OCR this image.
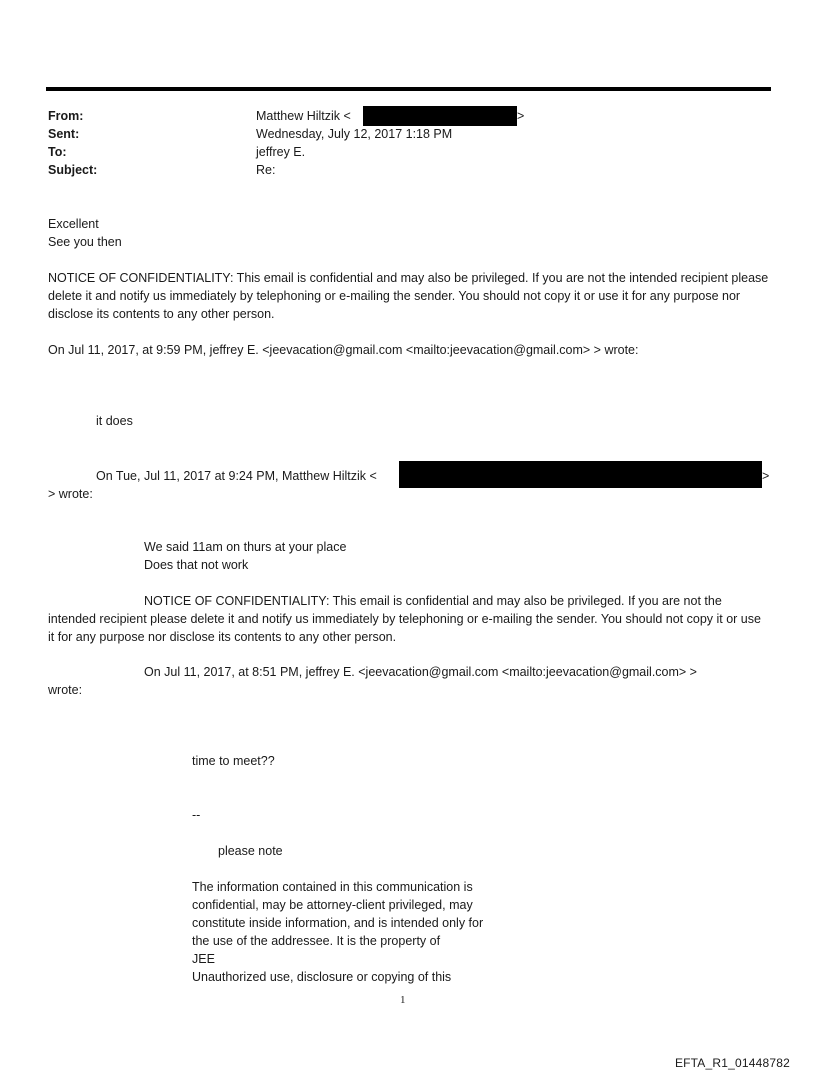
From:	Matthew Hiltzik <	>
Sent:	Wednesday, July 12, 2017 1:18 PM
To:	jeffrey E.
Subject:	Re:
Excellent
See you then
NOTICE OF CONFIDENTIALITY: This email is confidential and may also be privileged. If you are not the intended recipient please delete it and notify us immediately by telephoning or e-mailing the sender. You should not copy it or use it for any purpose nor disclose its contents to any other person.
On Jul 11, 2017, at 9:59 PM, jeffrey E. <jeevacation@gmail.com <mailto:jeevacation@gmail.com> > wrote:
it does
On Tue, Jul 11, 2017 at 9:24 PM, Matthew Hiltzik <	>
> wrote:
We said 11am on thurs at your place
Does that not work
NOTICE OF CONFIDENTIALITY: This email is confidential and may also be privileged. If you are not the
intended recipient please delete it and notify us immediately by telephoning or e-mailing the sender. You should not copy it or use it for any purpose nor disclose its contents to any other person.
On Jul 11, 2017, at 8:51 PM, jeffrey E. <jeevacation@gmail.com <mailto:jeevacation@gmail.com> >
wrote:
time to meet??
--
please note
The information contained in this communication is
confidential, may be attorney-client privileged, may
constitute inside information, and is intended only for
the use of the addressee. It is the property of
JEE
Unauthorized use, disclosure or copying of this
1
EFTA_R1_01448782
